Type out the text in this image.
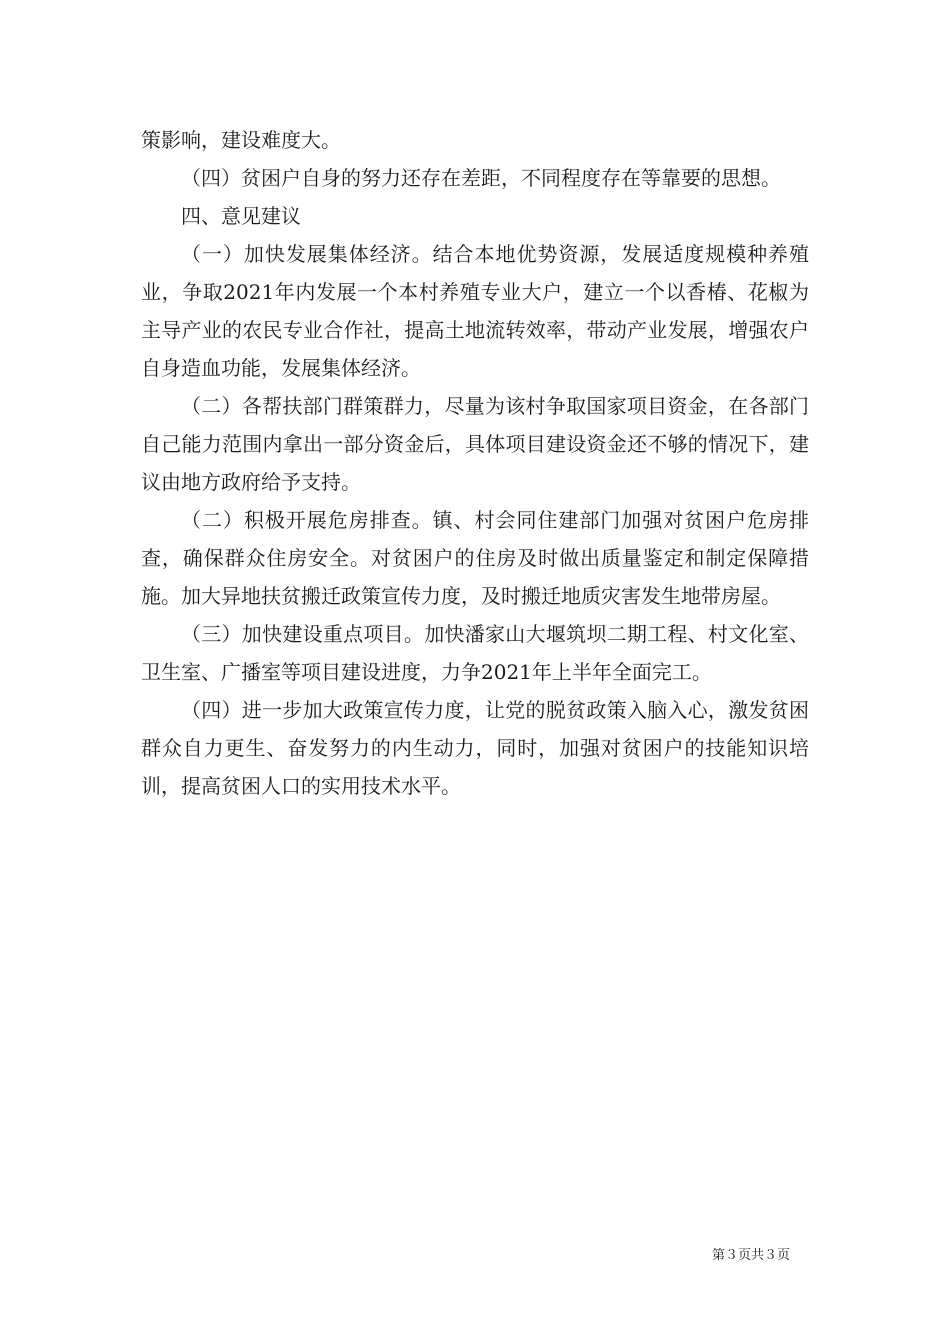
策影响，建设难度大。

（四）贫困户自身的努力还存在差距，不同程度存在等靠要的思想。

四、意见建议

（一）加快发展集体经济。结合本地优势资源，发展适度规模种养殖业，争取2021年内发展一个本村养殖专业大户，建立一个以香椿、花椒为主导产业的农民专业合作社，提高土地流转效率，带动产业发展，增强农户自身造血功能，发展集体经济。

（二）各帮扶部门群策群力，尽量为该村争取国家项目资金，在各部门自己能力范围内拿出一部分资金后，具体项目建设资金还不够的情况下，建议由地方政府给予支持。

（二）积极开展危房排查。镇、村会同住建部门加强对贫困户危房排查，确保群众住房安全。对贫困户的住房及时做出质量鉴定和制定保障措施。加大异地扶贫搬迁政策宣传力度，及时搬迁地质灾害发生地带房屋。

（三）加快建设重点项目。加快潘家山大堰筑坝二期工程、村文化室、卫生室、广播室等项目建设进度，力争2021年上半年全面完工。

（四）进一步加大政策宣传力度，让党的脱贫政策入脑入心，激发贫困群众自力更生、奋发努力的内生动力，同时，加强对贫困户的技能知识培训，提高贫困人口的实用技术水平。

第３页共３页
